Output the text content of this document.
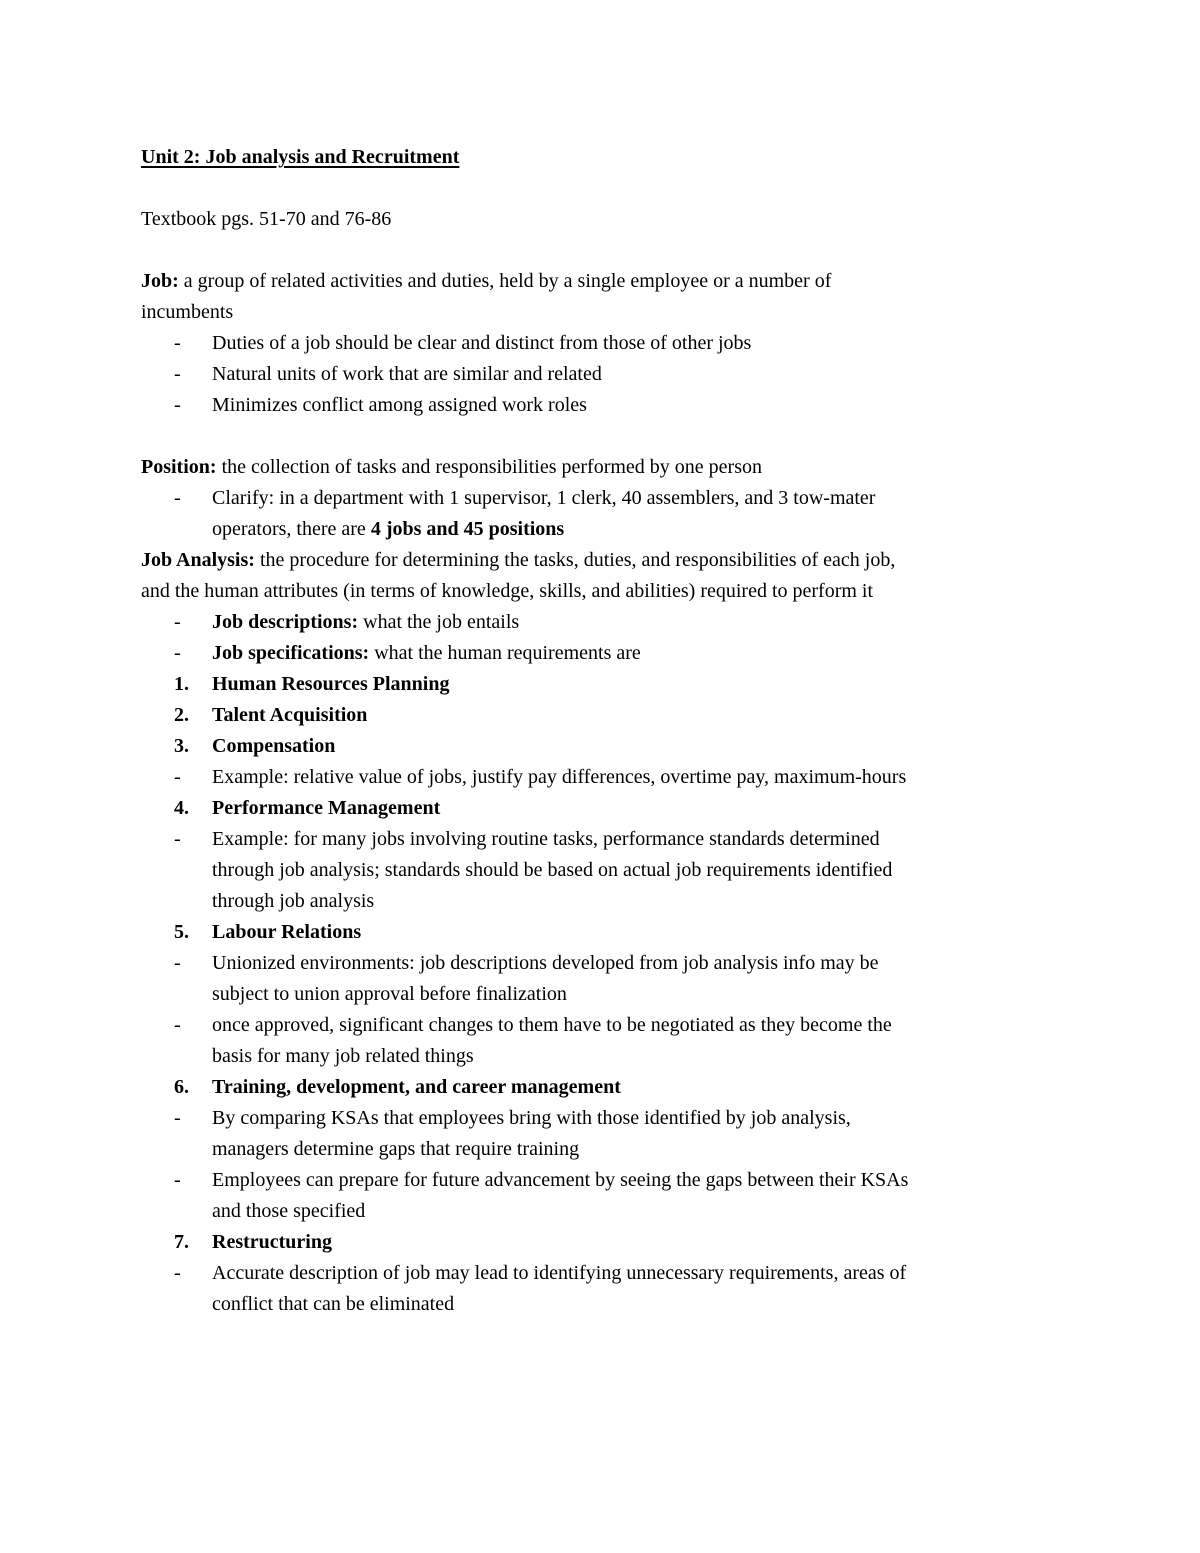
Unit 2: Job analysis and Recruitment
Textbook pgs. 51-70 and 76-86
Job: a group of related activities and duties, held by a single employee or a number of
incumbents
-	Duties of a job should be clear and distinct from those of other jobs
-	Natural units of work that are similar and related
-	Minimizes conflict among assigned work roles
Position: the collection of tasks and responsibilities performed by one person
-	Clarify: in a department with 1 supervisor, 1 clerk, 40 assemblers, and 3 tow-mater
operators, there are 4 jobs and 45 positions
Job Analysis: the procedure for determining the tasks, duties, and responsibilities of each job,
and the human attributes (in terms of knowledge, skills, and abilities) required to perform it
-	Job descriptions: what the job entails
-	Job specifications: what the human requirements are
1.	Human Resources Planning
2.	Talent Acquisition
3.	Compensation
-	Example: relative value of jobs, justify pay differences, overtime pay, maximum-hours
4.	Performance Management
-	Example: for many jobs involving routine tasks, performance standards determined
through job analysis; standards should be based on actual job requirements identified
through job analysis
5.	Labour Relations
-	Unionized environments: job descriptions developed from job analysis info may be
subject to union approval before finalization
-	once approved, significant changes to them have to be negotiated as they become the
basis for many job related things
6.	Training, development, and career management
-	By comparing KSAs that employees bring with those identified by job analysis,
managers determine gaps that require training
-	Employees can prepare for future advancement by seeing the gaps between their KSAs
and those specified
7.	Restructuring
-	Accurate description of job may lead to identifying unnecessary requirements, areas of
conflict that can be eliminated
